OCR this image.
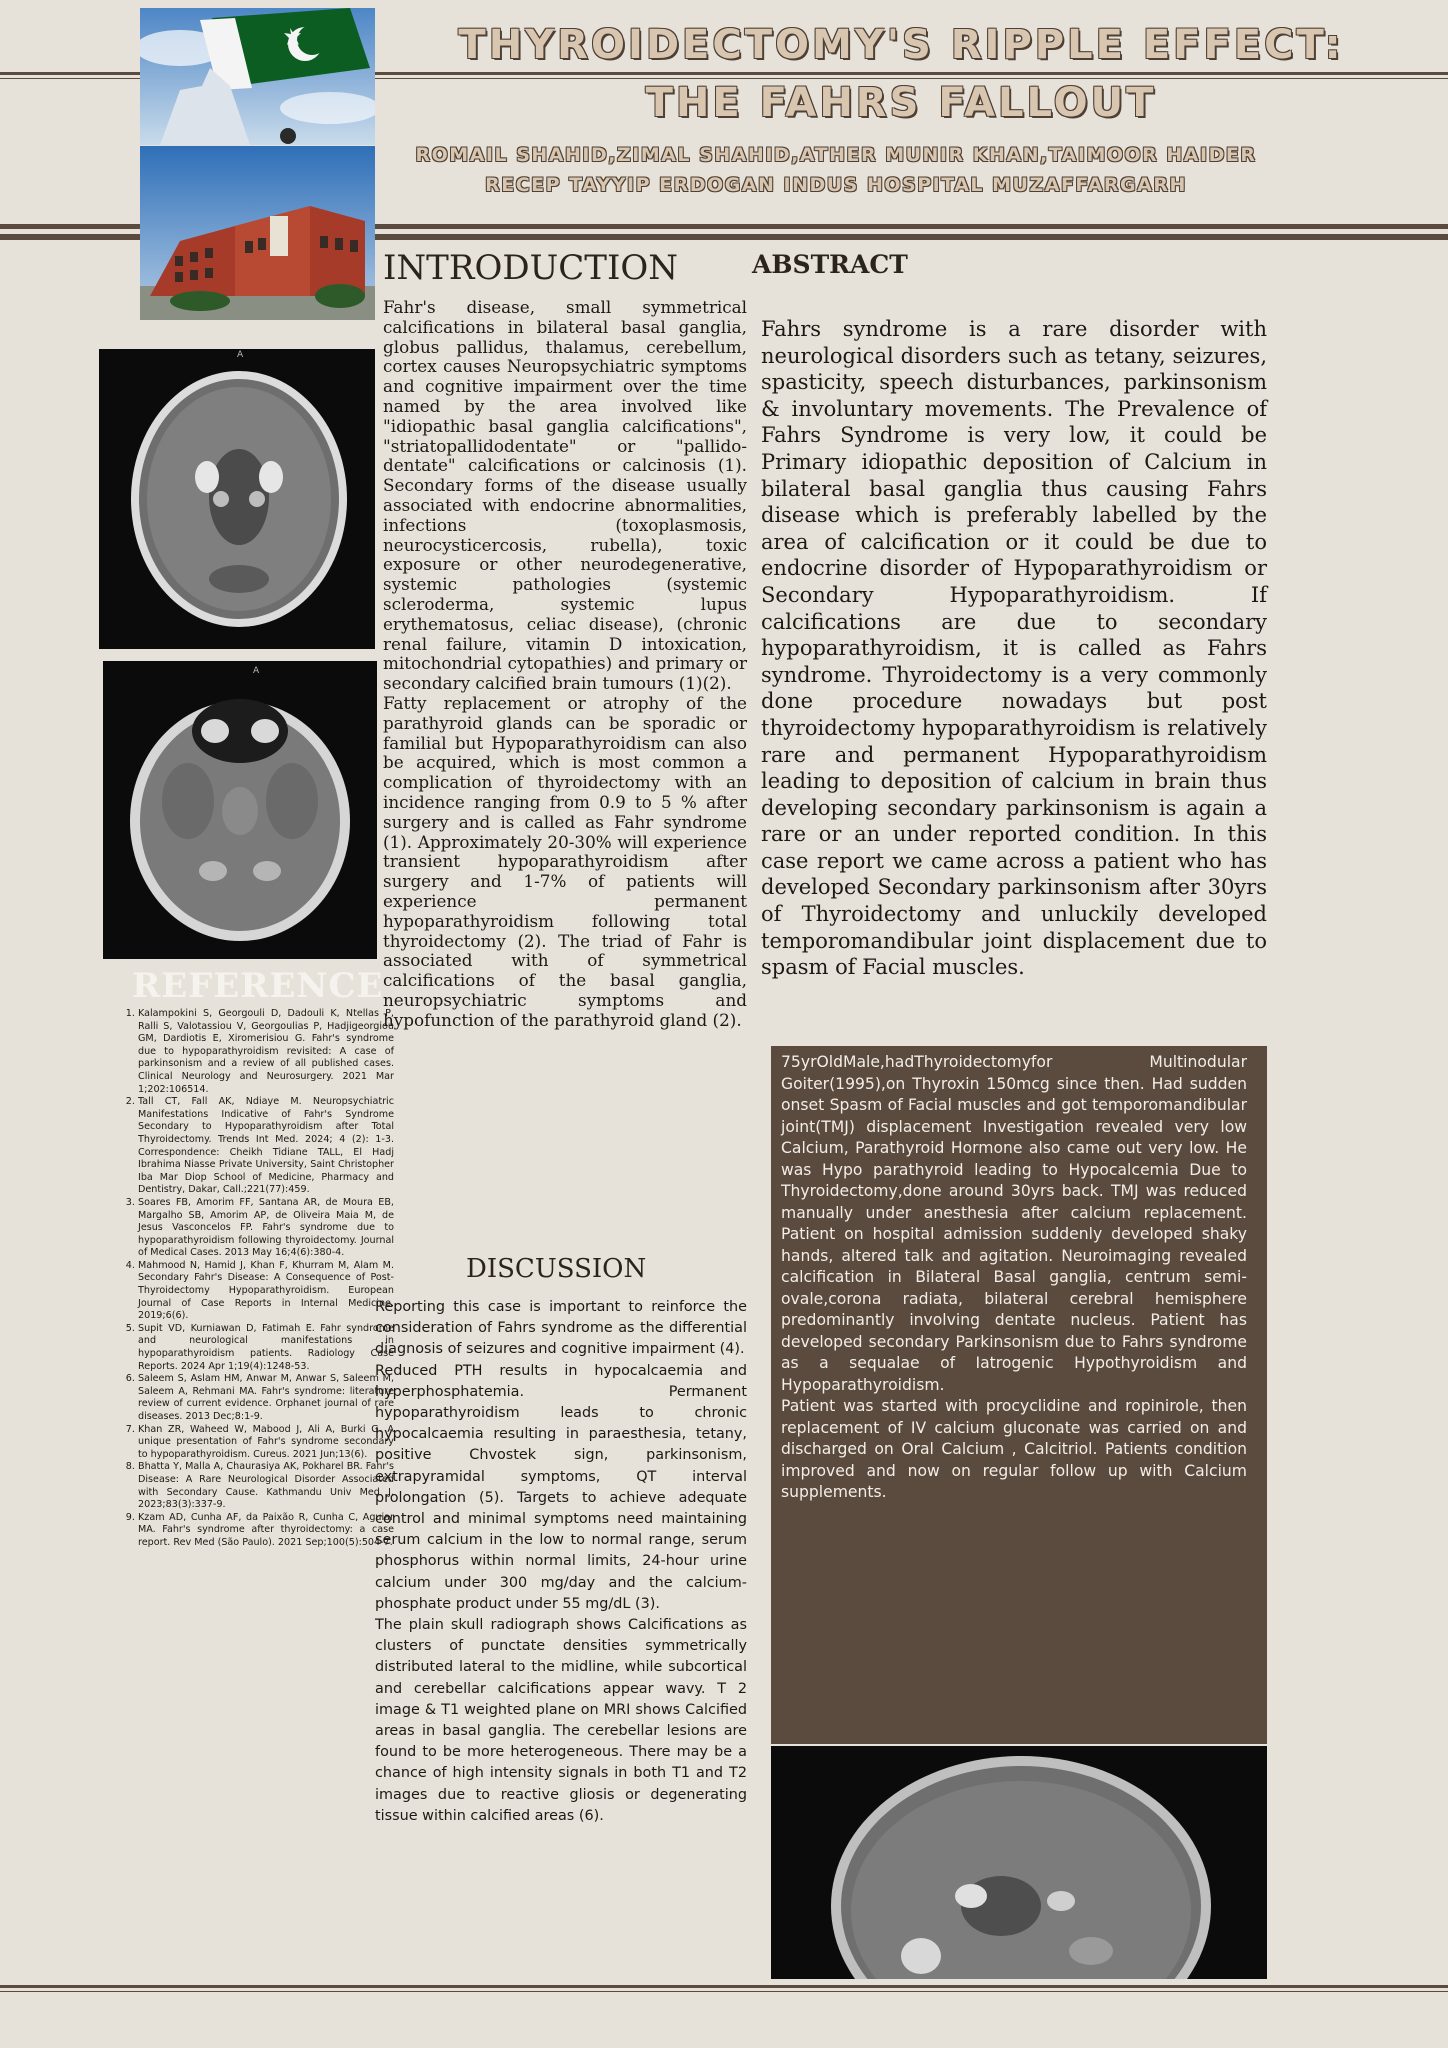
THYROIDECTOMY'S RIPPLE EFFECT:
THE FAHRS FALLOUT
ROMAIL SHAHID,ZIMAL SHAHID,ATHER MUNIR KHAN,TAIMOOR HAIDER
RECEP TAYYIP ERDOGAN INDUS HOSPITAL MUZAFFARGARH
A
A
REFERENCE
1. Kalampokini S, Georgouli D, Dadouli K, Ntellas P, Ralli S, Valotassiou V, Georgoulias P, Hadjigeorgiou GM, Dardiotis E, Xiromerisiou G. Fahr's syndrome due to hypoparathyroidism revisited: A case of parkinsonism and a review of all published cases. Clinical Neurology and Neurosurgery. 2021 Mar 1;202:106514.
2. Tall CT, Fall AK, Ndiaye M. Neuropsychiatric Manifestations Indicative of Fahr's Syndrome Secondary to Hypoparathyroidism after Total Thyroidectomy. Trends Int Med. 2024; 4 (2): 1-3. Correspondence: Cheikh Tidiane TALL, El Hadj Ibrahima Niasse Private University, Saint Christopher Iba Mar Diop School of Medicine, Pharmacy and Dentistry, Dakar, Call.;221(77):459.
3. Soares FB, Amorim FF, Santana AR, de Moura EB, Margalho SB, Amorim AP, de Oliveira Maia M, de Jesus Vasconcelos FP. Fahr's syndrome due to hypoparathyroidism following thyroidectomy. Journal of Medical Cases. 2013 May 16;4(6):380-4.
4. Mahmood N, Hamid J, Khan F, Khurram M, Alam M. Secondary Fahr's Disease: A Consequence of Post-Thyroidectomy Hypoparathyroidism. European Journal of Case Reports in Internal Medicine. 2019;6(6).
5. Supit VD, Kurniawan D, Fatimah E. Fahr syndrome and neurological manifestations in hypoparathyroidism patients. Radiology Case Reports. 2024 Apr 1;19(4):1248-53.
6. Saleem S, Aslam HM, Anwar M, Anwar S, Saleem M, Saleem A, Rehmani MA. Fahr's syndrome: literature review of current evidence. Orphanet journal of rare diseases. 2013 Dec;8:1-9.
7. Khan ZR, Waheed W, Mabood J, Ali A, Burki G. A unique presentation of Fahr's syndrome secondary to hypoparathyroidism. Cureus. 2021 Jun;13(6).
8. Bhatta Y, Malla A, Chaurasiya AK, Pokharel BR. Fahr's Disease: A Rare Neurological Disorder Associated with Secondary Cause. Kathmandu Univ Med J. 2023;83(3):337-9.
9. Kzam AD, Cunha AF, da Paixão R, Cunha C, Aguiar MA. Fahr's syndrome after thyroidectomy: a case report. Rev Med (São Paulo). 2021 Sep;100(5):504-7.
INTRODUCTION

Fahr's disease, small symmetrical calcifications in bilateral basal ganglia, globus pallidus, thalamus, cerebellum, cortex causes Neuropsychiatric symptoms and cognitive impairment over the time named by the area involved like "idiopathic basal ganglia calcifications", "striatopallidodentate" or "pallido-dentate" calcifications or calcinosis (1). Secondary forms of the disease usually associated with endocrine abnormalities, infections (toxoplasmosis, neurocysticercosis, rubella), toxic exposure or other neurodegenerative, systemic pathologies (systemic scleroderma, systemic lupus erythematosus, celiac disease), (chronic renal failure, vitamin D intoxication, mitochondrial cytopathies) and primary or secondary calcified brain tumours (1)(2).

Fatty replacement or atrophy of the parathyroid glands can be sporadic or familial but Hypoparathyroidism can also be acquired, which is most common a complication of thyroidectomy with an incidence ranging from 0.9 to 5 % after surgery and is called as Fahr syndrome (1). Approximately 20-30% will experience transient hypoparathyroidism after surgery and 1-7% of patients will experience permanent hypoparathyroidism following total thyroidectomy (2). The triad of Fahr is associated with of symmetrical calcifications of the basal ganglia, neuropsychiatric symptoms and hypofunction of the parathyroid gland (2).

ABSTRACT
Fahrs syndrome is a rare disorder with neurological disorders such as tetany, seizures, spasticity, speech disturbances, parkinsonism & involuntary movements. The Prevalence of Fahrs Syndrome is very low, it could be Primary idiopathic deposition of Calcium in bilateral basal ganglia thus causing Fahrs disease which is preferably labelled by the area of calcification or it could be due to endocrine disorder of Hypoparathyroidism or Secondary Hypoparathyroidism. If calcifications are due to secondary hypoparathyroidism, it is called as Fahrs syndrome. Thyroidectomy is a very commonly done procedure nowadays but post thyroidectomy hypoparathyroidism is relatively rare and permanent Hypoparathyroidism leading to deposition of calcium in brain thus developing secondary parkinsonism is again a rare or an under reported condition. In this case report we came across a patient who has developed Secondary parkinsonism after 30yrs of Thyroidectomy and unluckily developed temporomandibular joint displacement due to spasm of Facial muscles.
DISCUSSION

Reporting this case is important to reinforce the consideration of Fahrs syndrome as the differential diagnosis of seizures and cognitive impairment (4).

Reduced PTH results in hypocalcaemia and hyperphosphatemia. Permanent hypoparathyroidism leads to chronic hypocalcaemia resulting in paraesthesia, tetany, positive Chvostek sign, parkinsonism, extrapyramidal symptoms, QT interval prolongation (5). Targets to achieve adequate control and minimal symptoms need maintaining serum calcium in the low to normal range, serum phosphorus within normal limits, 24-hour urine calcium under 300 mg/day and the calcium-phosphate product under 55 mg/dL (3).

The plain skull radiograph shows Calcifications as clusters of punctate densities symmetrically distributed lateral to the midline, while subcortical and cerebellar calcifications appear wavy. T 2 image & T1 weighted plane on MRI shows Calcified areas in basal ganglia. The cerebellar lesions are found to be more heterogeneous. There may be a chance of high intensity signals in both T1 and T2 images due to reactive gliosis or degenerating tissue within calcified areas (6).

75yrOldMale,hadThyroidectomyfor Multinodular Goiter(1995),on Thyroxin 150mcg since then. Had sudden onset Spasm of Facial muscles and got temporomandibular joint(TMJ) displacement Investigation revealed very low Calcium, Parathyroid Hormone also came out very low. He was Hypo parathyroid leading to Hypocalcemia Due to Thyroidectomy,done around 30yrs back. TMJ was reduced manually under anesthesia after calcium replacement. Patient on hospital admission suddenly developed shaky hands, altered talk and agitation. Neuroimaging revealed calcification in Bilateral Basal ganglia, centrum semi-ovale,corona radiata, bilateral cerebral hemisphere predominantly involving dentate nucleus. Patient has developed secondary Parkinsonism due to Fahrs syndrome as a sequalae of Iatrogenic Hypothyroidism and Hypoparathyroidism.

Patient was started with procyclidine and ropinirole, then replacement of IV calcium gluconate was carried on and discharged on Oral Calcium , Calcitriol. Patients condition improved and now on regular follow up with Calcium supplements.
